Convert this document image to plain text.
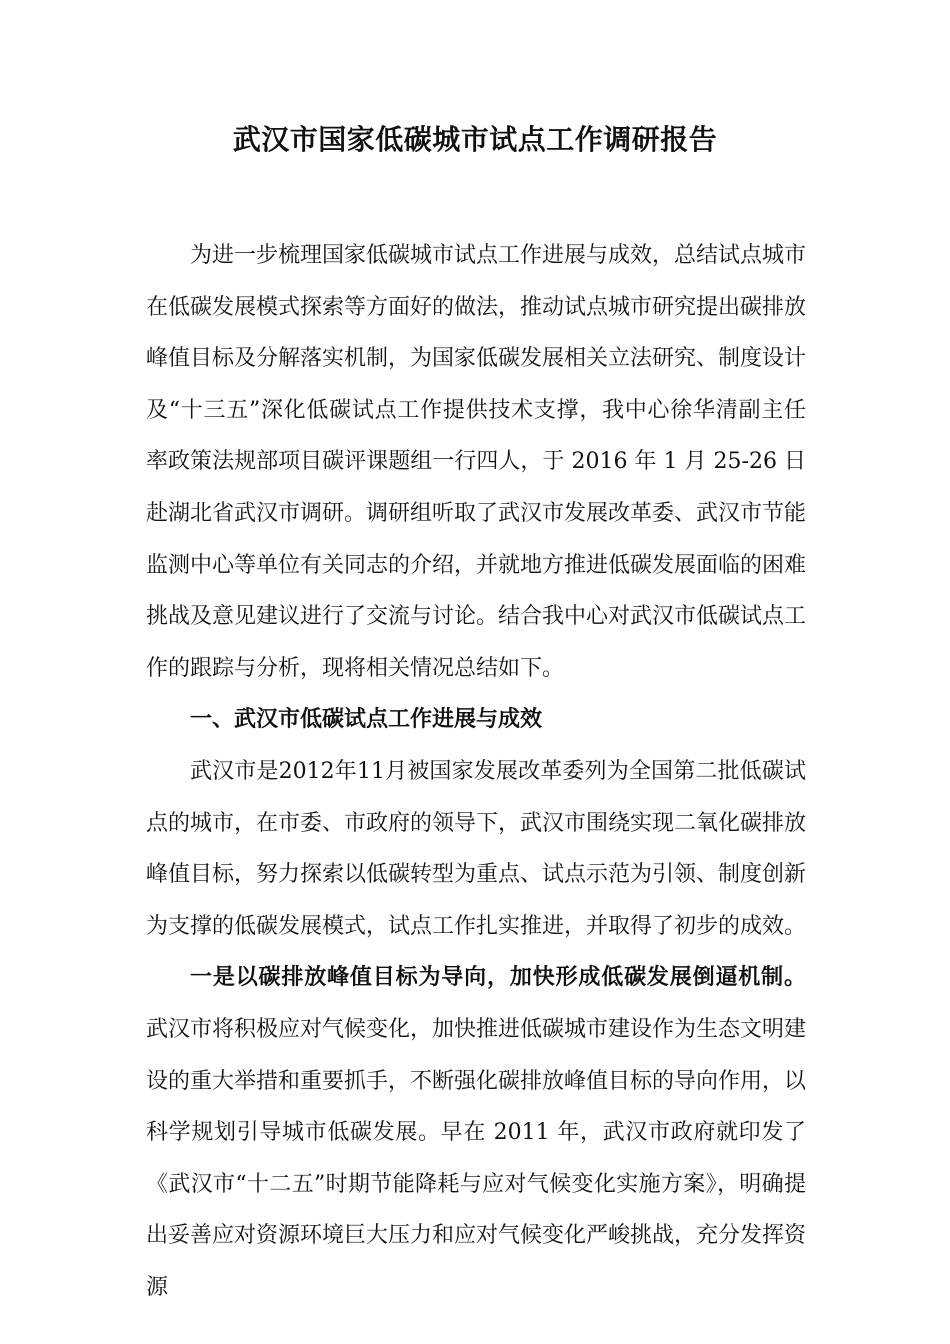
武汉市国家低碳城市试点工作调研报告

为进一步梳理国家低碳城市试点工作进展与成效，总结试点城市在低碳发展模式探索等方面好的做法，推动试点城市研究提出碳排放峰值目标及分解落实机制，为国家低碳发展相关立法研究、制度设计及“十三五”深化低碳试点工作提供技术支撑，我中心徐华清副主任率政策法规部项目碳评课题组一行四人，于 2016 年 1 月 25-26 日赴湖北省武汉市调研。调研组听取了武汉市发展改革委、武汉市节能监测中心等单位有关同志的介绍，并就地方推进低碳发展面临的困难挑战及意见建议进行了交流与讨论。结合我中心对武汉市低碳试点工作的跟踪与分析，现将相关情况总结如下。

一、武汉市低碳试点工作进展与成效

武汉市是2012年11月被国家发展改革委列为全国第二批低碳试点的城市，在市委、市政府的领导下，武汉市围绕实现二氧化碳排放峰值目标，努力探索以低碳转型为重点、试点示范为引领、制度创新为支撑的低碳发展模式，试点工作扎实推进，并取得了初步的成效。

一是以碳排放峰值目标为导向，加快形成低碳发展倒逼机制。武汉市将积极应对气候变化，加快推进低碳城市建设作为生态文明建设的重大举措和重要抓手，不断强化碳排放峰值目标的导向作用，以科学规划引导城市低碳发展。早在 2011 年，武汉市政府就印发了《武汉市“十二五”时期节能降耗与应对气候变化实施方案》，明确提出妥善应对资源环境巨大压力和应对气候变化严峻挑战，充分发挥资源
